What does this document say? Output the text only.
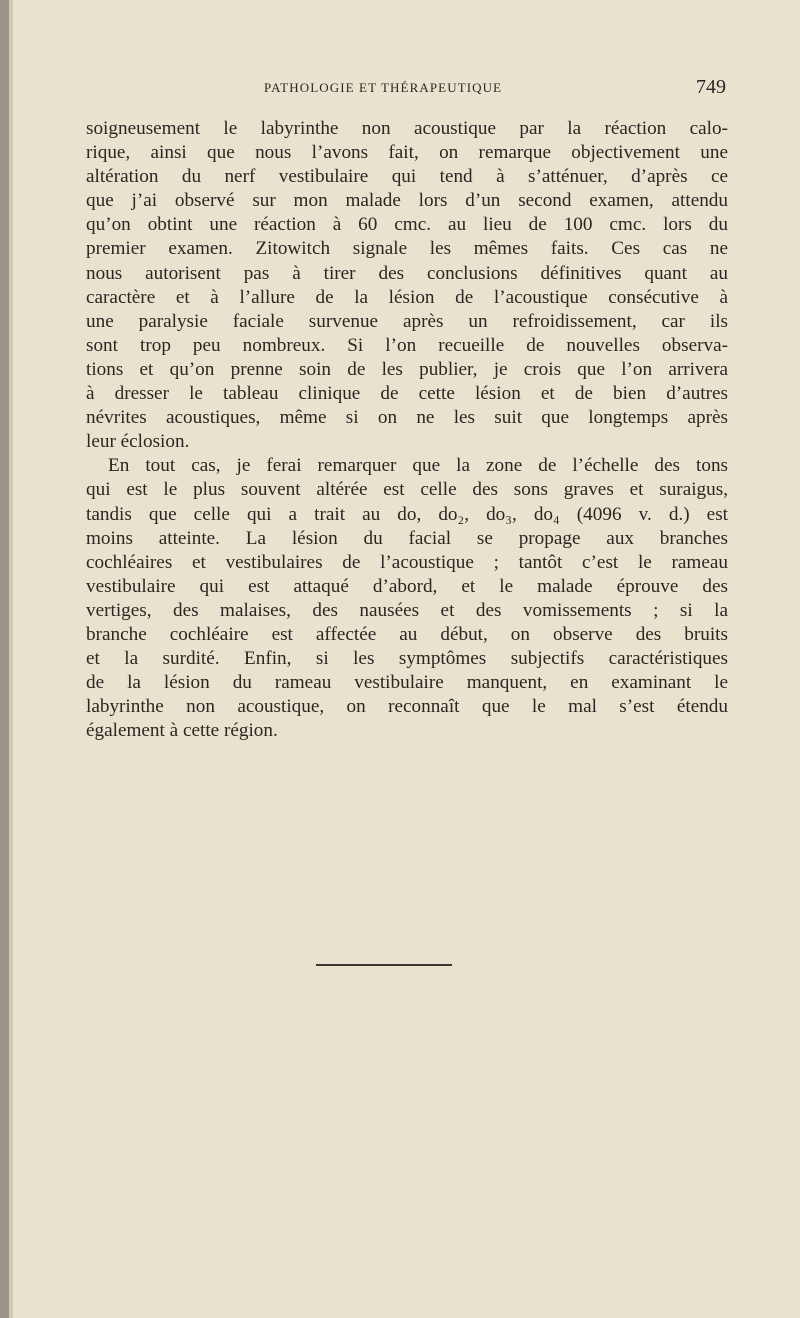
PATHOLOGIE ET THÉRAPEUTIQUE	749
soigneusement le labyrinthe non acoustique par la réaction calo-
rique, ainsi que nous l’avons fait, on remarque objectivement une
altération du nerf vestibulaire qui tend à s’atténuer, d’après ce
que j’ai observé sur mon malade lors d’un second examen, attendu
qu’on obtint une réaction à 60 cmc. au lieu de 100 cmc. lors du
premier examen. Zitowitch signale les mêmes faits. Ces cas ne
nous autorisent pas à tirer des conclusions définitives quant au
caractère et à l’allure de la lésion de l’acoustique consécutive à
une paralysie faciale survenue après un refroidissement, car ils
sont trop peu nombreux. Si l’on recueille de nouvelles observa-
tions et qu’on prenne soin de les publier, je crois que l’on arrivera
à dresser le tableau clinique de cette lésion et de bien d’autres
névrites acoustiques, même si on ne les suit que longtemps après
leur éclosion.
En tout cas, je ferai remarquer que la zone de l’échelle des tons
qui est le plus souvent altérée est celle des sons graves et suraigus,
tandis que celle qui a trait au do, do₂, do₃, do₄ (4096 v. d.) est
moins atteinte. La lésion du facial se propage aux branches
cochléaires et vestibulaires de l’acoustique ; tantôt c’est le rameau
vestibulaire qui est attaqué d’abord, et le malade éprouve des
vertiges, des malaises, des nausées et des vomissements ; si la
branche cochléaire est affectée au début, on observe des bruits
et la surdité. Enfin, si les symptômes subjectifs caractéristiques
de la lésion du rameau vestibulaire manquent, en examinant le
labyrinthe non acoustique, on reconnaît que le mal s’est étendu
également à cette région.
